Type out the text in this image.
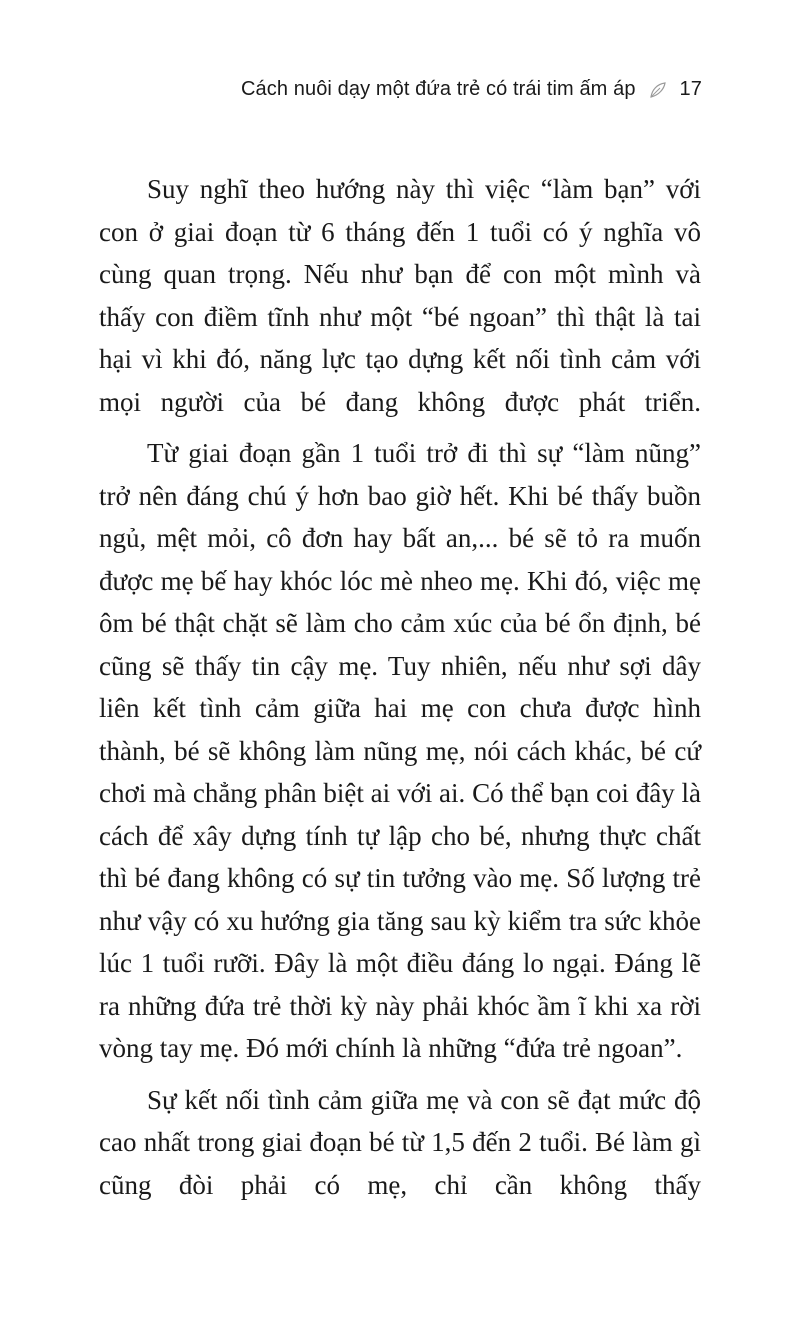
Cách nuôi dạy một đứa trẻ có trái tim ấm áp 17

Suy nghĩ theo hướng này thì việc “làm bạn” với con ở giai đoạn từ 6 tháng đến 1 tuổi có ý nghĩa vô cùng quan trọng. Nếu như bạn để con một mình và thấy con điềm tĩnh như một “bé ngoan” thì thật là tai hại vì khi đó, năng lực tạo dựng kết nối tình cảm với mọi người của bé đang không được phát triển.

Từ giai đoạn gần 1 tuổi trở đi thì sự “làm nũng” trở nên đáng chú ý hơn bao giờ hết. Khi bé thấy buồn ngủ, mệt mỏi, cô đơn hay bất an,... bé sẽ tỏ ra muốn được mẹ bế hay khóc lóc mè nheo mẹ. Khi đó, việc mẹ ôm bé thật chặt sẽ làm cho cảm xúc của bé ổn định, bé cũng sẽ thấy tin cậy mẹ. Tuy nhiên, nếu như sợi dây liên kết tình cảm giữa hai mẹ con chưa được hình thành, bé sẽ không làm nũng mẹ, nói cách khác, bé cứ chơi mà chẳng phân biệt ai với ai. Có thể bạn coi đây là cách để xây dựng tính tự lập cho bé, nhưng thực chất thì bé đang không có sự tin tưởng vào mẹ. Số lượng trẻ như vậy có xu hướng gia tăng sau kỳ kiểm tra sức khỏe lúc 1 tuổi rưỡi. Đây là một điều đáng lo ngại. Đáng lẽ ra những đứa trẻ thời kỳ này phải khóc ầm ĩ khi xa rời vòng tay mẹ. Đó mới chính là những “đứa trẻ ngoan”.

Sự kết nối tình cảm giữa mẹ và con sẽ đạt mức độ cao nhất trong giai đoạn bé từ 1,5 đến 2 tuổi. Bé làm gì cũng đòi phải có mẹ, chỉ cần không thấy
